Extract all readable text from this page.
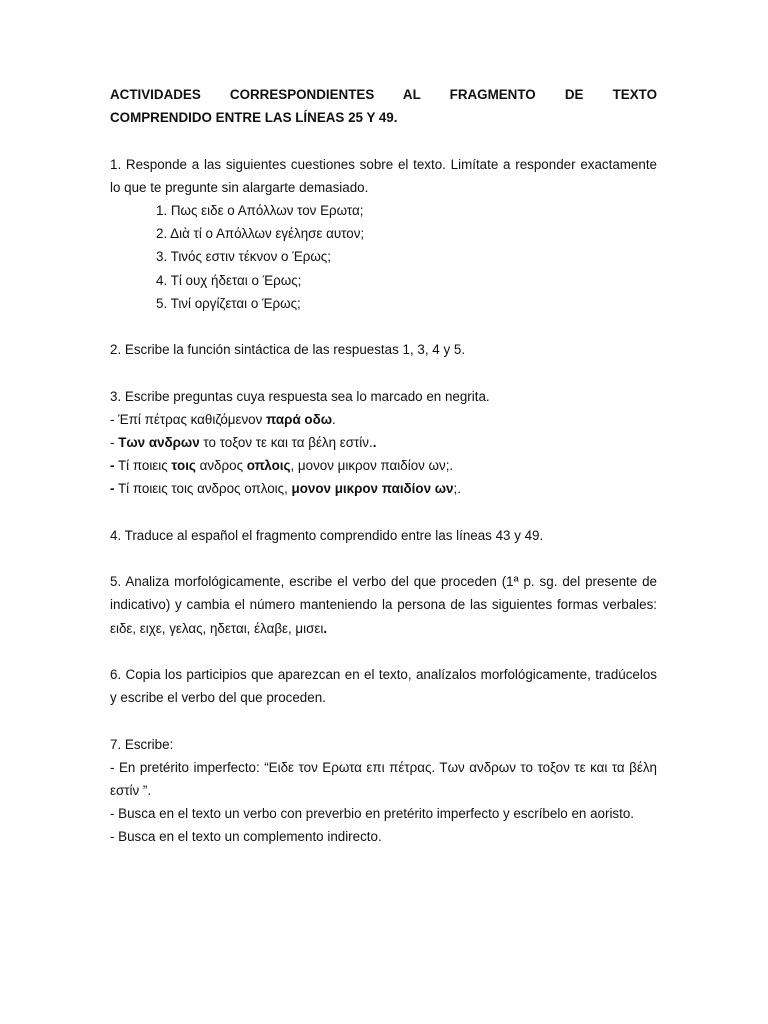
ACTIVIDADES CORRESPONDIENTES AL FRAGMENTO DE TEXTO

COMPRENDIDO ENTRE LAS LÍNEAS 25 Y 49.

1. Responde a las siguientes cuestiones sobre el texto. Limítate a responder exactamente lo que te pregunte sin alargarte demasiado.

1. Πως ειδε ο Απόλλων τον Ερωτα;

2. Διὰ τί ο Απόλλων εγέλησε αυτον;

3. Τινός εστιν τέκνον ο Έρως;

4. Τί ουχ ήδεται ο Έρως;

5. Τινί οργίζεται ο Έρως;

2. Escribe la función sintáctica de las respuestas 1, 3, 4 y 5.

3. Escribe preguntas cuya respuesta sea lo marcado en negrita.

- Έπί πέτρας καθιζόμενον παρά οδω.

- Των ανδρων το τοξον τε και τα βέλη εστίν..

- Τί ποιεις τοις ανδρος οπλοις, μονον μικρον παιδίον ων;.

- Τί ποιεις τοις ανδρος οπλοις, μονον μικρον παιδίον ων;.

4. Traduce al español el fragmento comprendido entre las líneas 43 y 49.

5. Analiza morfológicamente, escribe el verbo del que proceden (1ª p. sg. del presente de indicativo) y cambia el número manteniendo la persona de las siguientes formas verbales: ειδε, ειχε, γελας, ηδεται, έλαβε, μισει.

6. Copia los participios que aparezcan en el texto, analízalos morfológicamente, tradúcelos y escribe el verbo del que proceden.

7. Escribe:

- En pretérito imperfecto: “Ειδε τον Ερωτα επι πέτρας. Των ανδρων το τοξον τε και τα βέλη εστίν ”.

- Busca en el texto un verbo con preverbio en pretérito imperfecto y escríbelo en aoristo.

- Busca en el texto un complemento indirecto.
